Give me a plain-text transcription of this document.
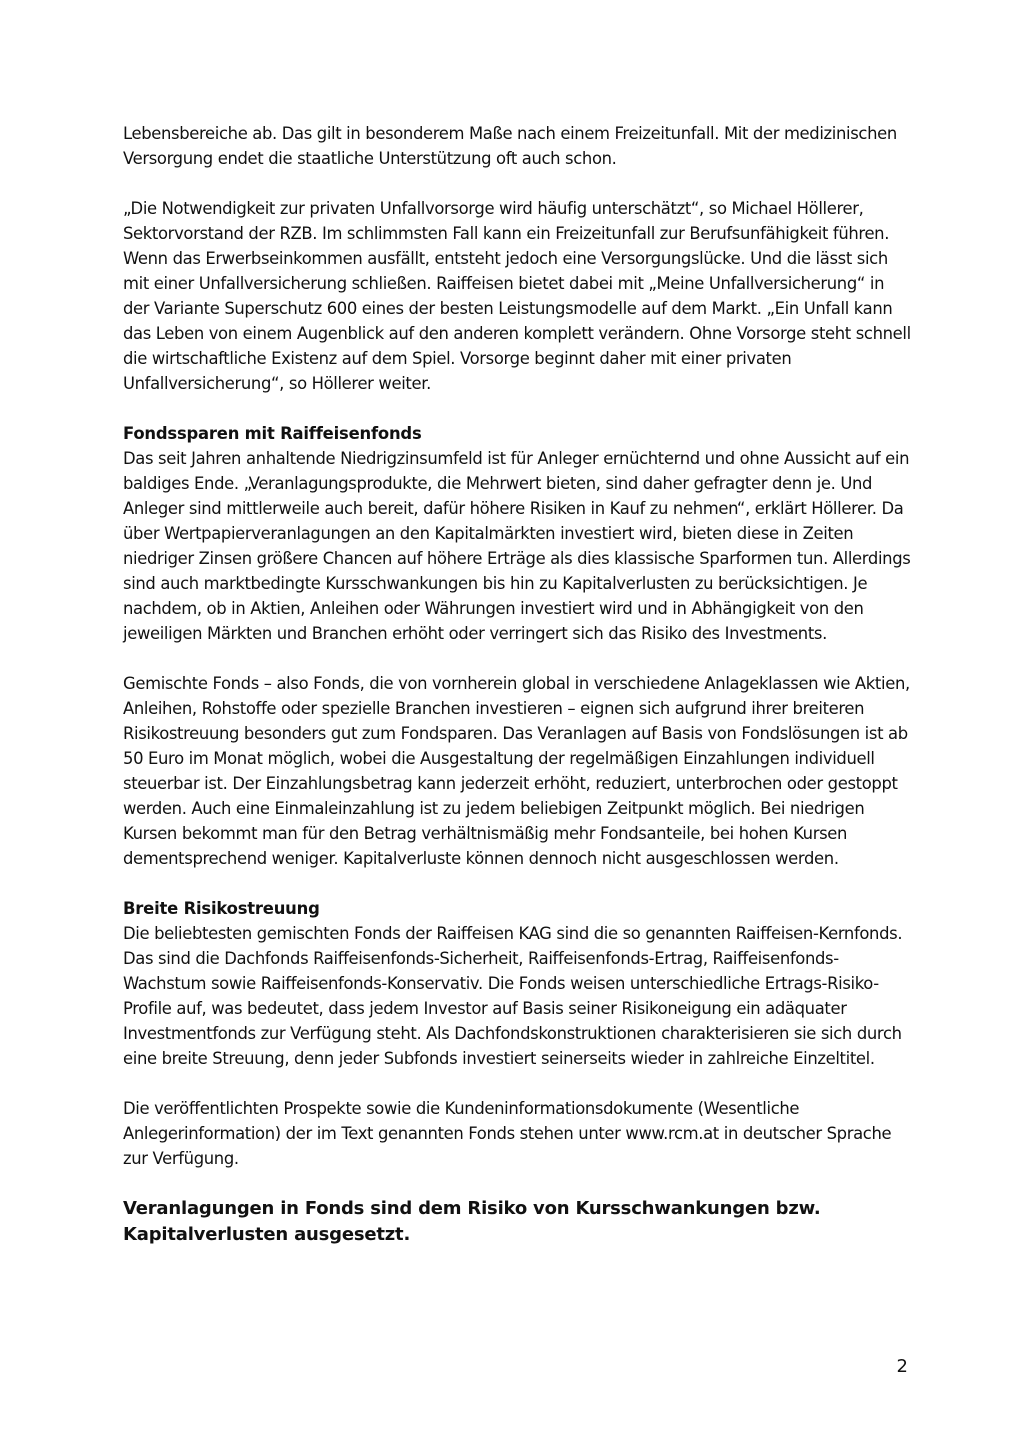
Lebensbereiche ab. Das gilt in besonderem Maße nach einem Freizeitunfall. Mit der medizinischen Versorgung endet die staatliche Unterstützung oft auch schon.

„Die Notwendigkeit zur privaten Unfallvorsorge wird häufig unterschätzt“, so Michael Höllerer, Sektorvorstand der RZB. Im schlimmsten Fall kann ein Freizeitunfall zur Berufsunfähigkeit führen. Wenn das Erwerbseinkommen ausfällt, entsteht jedoch eine Versorgungslücke. Und die lässt sich mit einer Unfallversicherung schließen. Raiffeisen bietet dabei mit „Meine Unfallversicherung“ in der Variante Superschutz 600 eines der besten Leistungsmodelle auf dem Markt. „Ein Unfall kann das Leben von einem Augenblick auf den anderen komplett verändern. Ohne Vorsorge steht schnell die wirtschaftliche Existenz auf dem Spiel. Vorsorge beginnt daher mit einer privaten Unfallversicherung“, so Höllerer weiter.

Fondssparen mit Raiffeisenfonds

Das seit Jahren anhaltende Niedrigzinsumfeld ist für Anleger ernüchternd und ohne Aussicht auf ein baldiges Ende. „Veranlagungsprodukte, die Mehrwert bieten, sind daher gefragter denn je. Und Anleger sind mittlerweile auch bereit, dafür höhere Risiken in Kauf zu nehmen“, erklärt Höllerer. Da über Wertpapierveranlagungen an den Kapitalmärkten investiert wird, bieten diese in Zeiten niedriger Zinsen größere Chancen auf höhere Erträge als dies klassische Sparformen tun. Allerdings sind auch marktbedingte Kursschwankungen bis hin zu Kapitalverlusten zu berücksichtigen. Je nachdem, ob in Aktien, Anleihen oder Währungen investiert wird und in Abhängigkeit von den jeweiligen Märkten und Branchen erhöht oder verringert sich das Risiko des Investments.

Gemischte Fonds – also Fonds, die von vornherein global in verschiedene Anlageklassen wie Aktien, Anleihen, Rohstoffe oder spezielle Branchen investieren – eignen sich aufgrund ihrer breiteren Risikostreuung besonders gut zum Fondsparen. Das Veranlagen auf Basis von Fondslösungen ist ab 50 Euro im Monat möglich, wobei die Ausgestaltung der regelmäßigen Einzahlungen individuell steuerbar ist. Der Einzahlungsbetrag kann jederzeit erhöht, reduziert, unterbrochen oder gestoppt werden. Auch eine Einmaleinzahlung ist zu jedem beliebigen Zeitpunkt möglich. Bei niedrigen Kursen bekommt man für den Betrag verhältnismäßig mehr Fondsanteile, bei hohen Kursen dementsprechend weniger. Kapitalverluste können dennoch nicht ausgeschlossen werden.

Breite Risikostreuung

Die beliebtesten gemischten Fonds der Raiffeisen KAG sind die so genannten Raiffeisen-Kernfonds. Das sind die Dachfonds Raiffeisenfonds-Sicherheit, Raiffeisenfonds-Ertrag, Raiffeisenfonds-Wachstum sowie Raiffeisenfonds-Konservativ. Die Fonds weisen unterschiedliche Ertrags-Risiko-Profile auf, was bedeutet, dass jedem Investor auf Basis seiner Risikoneigung ein adäquater Investmentfonds zur Verfügung steht. Als Dachfondskonstruktionen charakterisieren sie sich durch eine breite Streuung, denn jeder Subfonds investiert seinerseits wieder in zahlreiche Einzeltitel.

Die veröffentlichten Prospekte sowie die Kundeninformationsdokumente (Wesentliche Anlegerinformation) der im Text genannten Fonds stehen unter www.rcm.at in deutscher Sprache zur Verfügung.

Veranlagungen in Fonds sind dem Risiko von Kursschwankungen bzw. Kapitalverlusten ausgesetzt.

2
